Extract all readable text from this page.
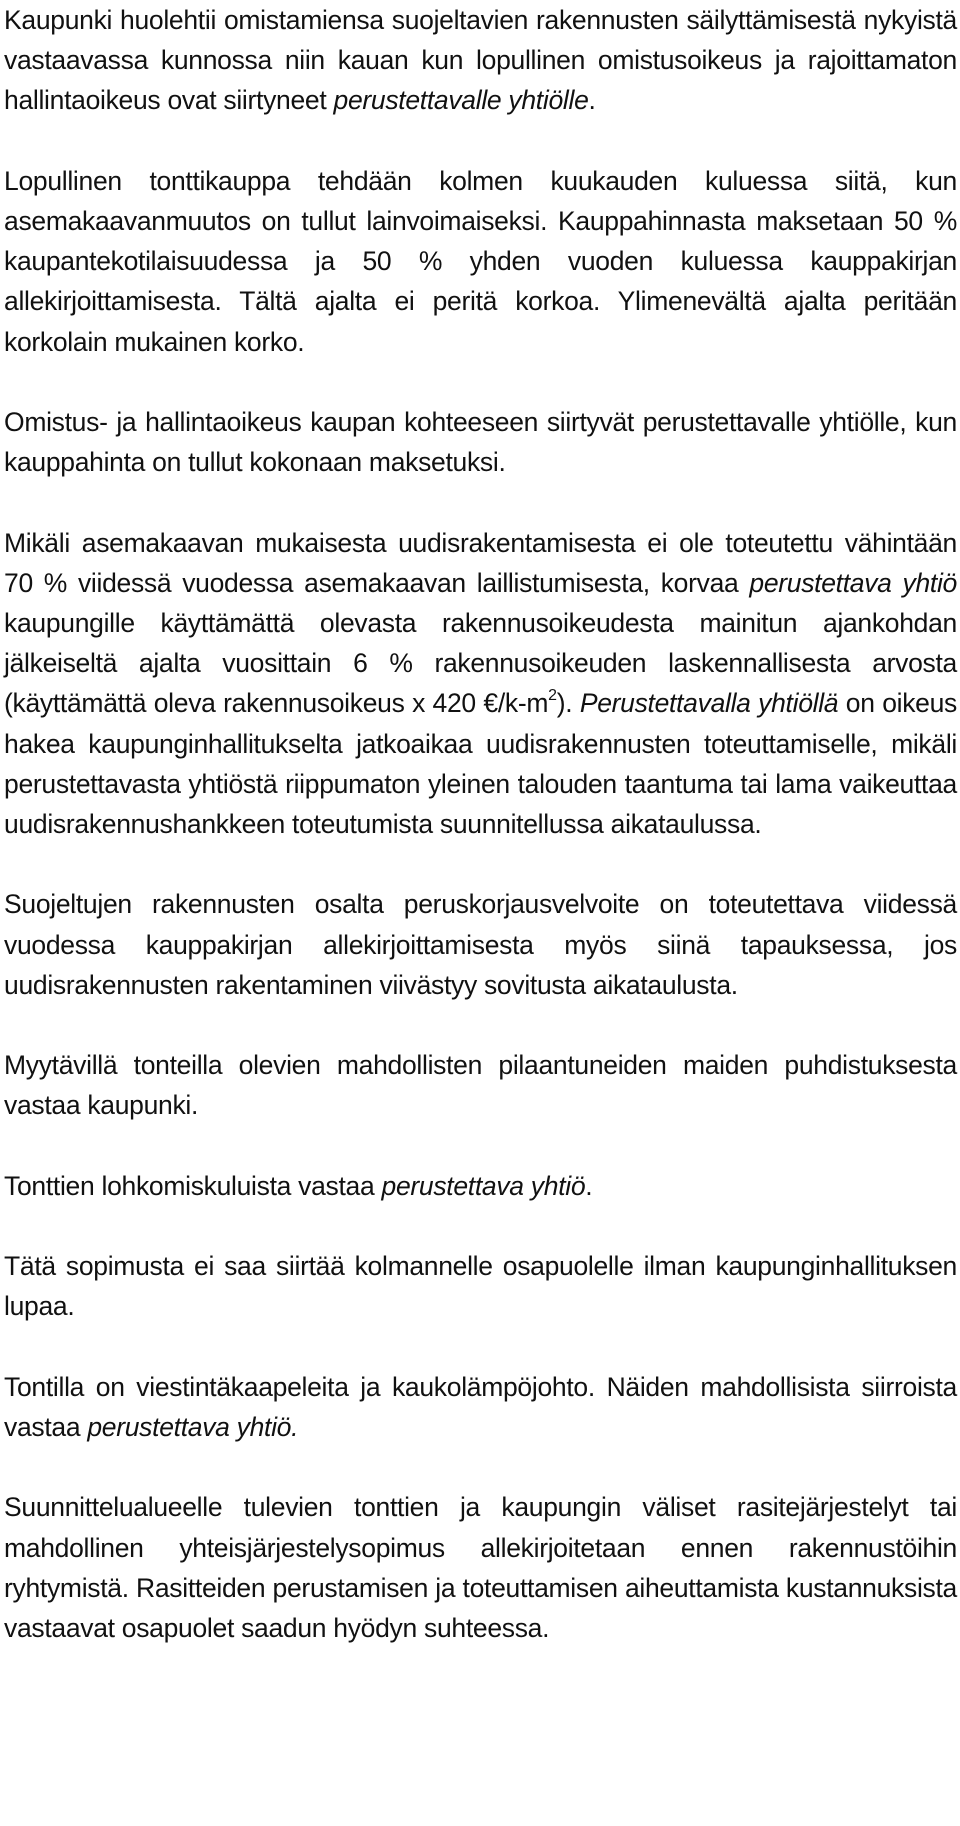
Kaupunki huolehtii omistamiensa suojeltavien rakennusten säilyttämisestä nykyistä vastaavassa kunnossa niin kauan kun lopullinen omistusoikeus ja rajoittamaton hallintaoikeus ovat siirtyneet perustettavalle yhtiölle.

Lopullinen tonttikauppa tehdään kolmen kuukauden kuluessa siitä, kun asemakaavanmuutos on tullut lainvoimaiseksi. Kauppahinnasta maksetaan 50 % kaupantekotilaisuudessa ja 50 % yhden vuoden kuluessa kauppakirjan allekirjoittamisesta. Tältä ajalta ei peritä korkoa. Ylimenevältä ajalta peritään korkolain mukainen korko.

Omistus- ja hallintaoikeus kaupan kohteeseen siirtyvät perustettavalle yhtiölle, kun kauppahinta on tullut kokonaan maksetuksi.

Mikäli asemakaavan mukaisesta uudisrakentamisesta ei ole toteutettu vähintään 70 % viidessä vuodessa asemakaavan laillistumisesta, korvaa perustettava yhtiö kaupungille käyttämättä olevasta rakennusoikeudesta mainitun ajankohdan jälkeiseltä ajalta vuosittain 6 % rakennusoikeuden laskennallisesta arvosta (käyttämättä oleva rakennusoikeus x 420 $€/k-m^2$). Perustettavalla yhtiöllä on oikeus hakea kaupunginhallitukselta jatkoaikaa uudisrakennusten toteuttamiselle, mikäli perustettavasta yhtiöstä riippumaton yleinen talouden taantuma tai lama vaikeuttaa uudisrakennushankkeen toteutumista suunnitellussa aikataulussa.

Suojeltujen rakennusten osalta peruskorjausvelvoite on toteutettava viidessä vuodessa kauppakirjan allekirjoittamisesta myös siinä tapauksessa, jos uudisrakennusten rakentaminen viivästyy sovitusta aikataulusta.

Myytävillä tonteilla olevien mahdollisten pilaantuneiden maiden puhdistuksesta vastaa kaupunki.

Tonttien lohkomiskuluista vastaa perustettava yhtiö.

Tätä sopimusta ei saa siirtää kolmannelle osapuolelle ilman kaupunginhallituksen lupaa.

Tontilla on viestintäkaapeleita ja kaukolämpöjohto. Näiden mahdollisista siirroista vastaa perustettava yhtiö.

Suunnittelualueelle tulevien tonttien ja kaupungin väliset rasitejärjestelyt tai mahdollinen yhteisjärjestelysopimus allekirjoitetaan ennen rakennustöihin ryhtymistä. Rasitteiden perustamisen ja toteuttamisen aiheuttamista kustannuksista vastaavat osapuolet saadun hyödyn suhteessa.
